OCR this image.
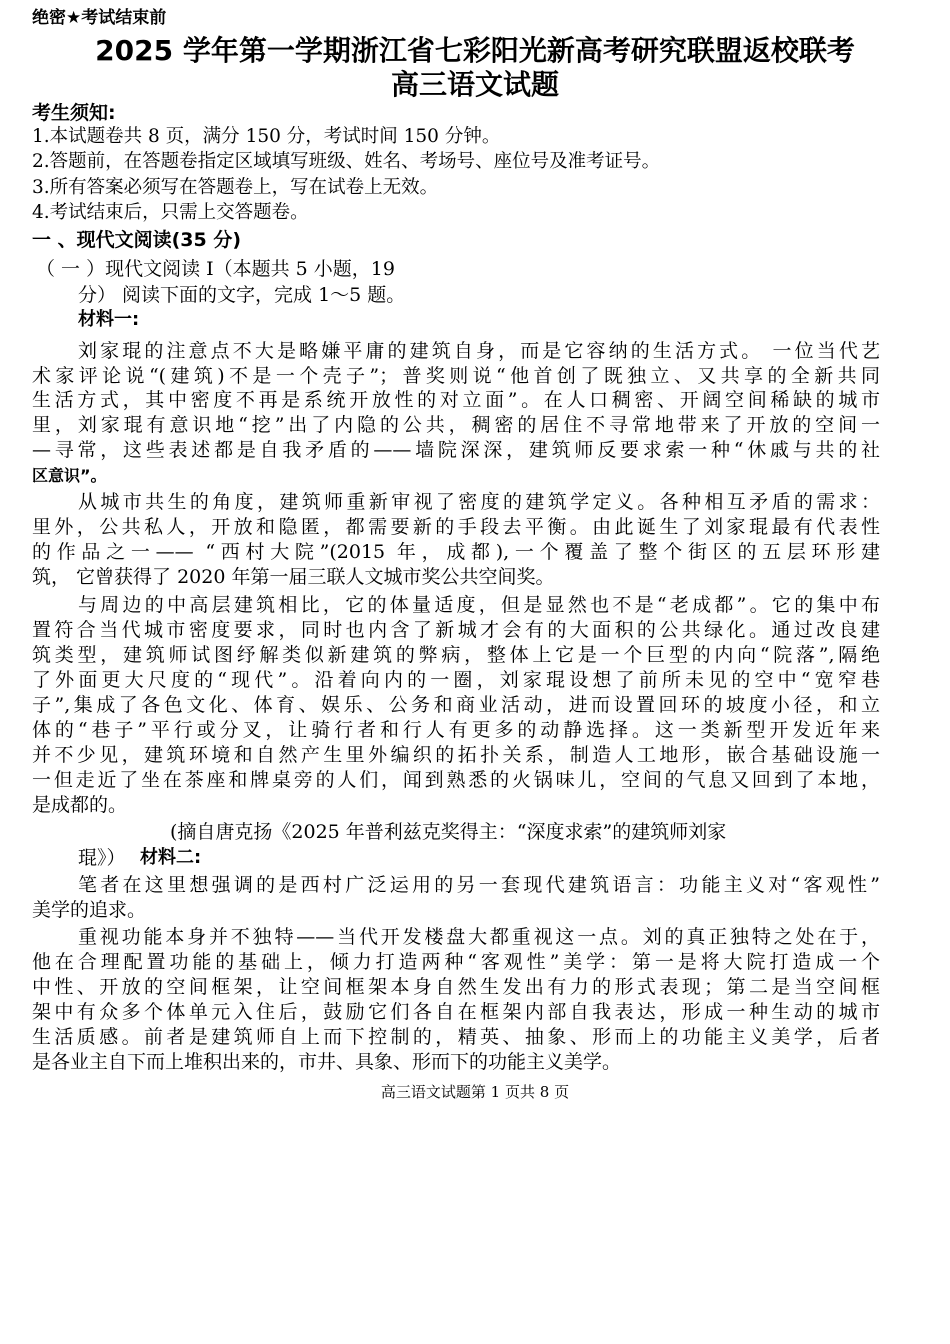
绝密★考试结束前
2025 学年第一学期浙江省七彩阳光新高考研究联盟返校联考
高三语文试题
考生须知:
1.本试题卷共 8 页，满分 150 分，考试时间 150 分钟。
2.答题前，在答题卷指定区域填写班级、姓名、考场号、座位号及准考证号。
3.所有答案必须写在答题卷上，写在试卷上无效。
4.考试结束后，只需上交答题卷。
一 、现代文阅读(35 分)
（ 一 ）现代文阅读 I（本题共 5 小题，19
分） 阅读下面的文字，完成 1～5 题。
材料一:
刘家琨的注意点不大是略嫌平庸的建筑自身，而是它容纳的生活方式。 一位当代艺
术家评论说“(建筑)不是一个壳子”；普奖则说“他首创了既独立、又共享的全新共同
生活方式，其中密度不再是系统开放性的对立面”。在人口稠密、开阔空间稀缺的城市
里，刘家琨有意识地“挖”出了内隐的公共，稠密的居住不寻常地带来了开放的空间一
—寻常，这些表述都是自我矛盾的——墙院深深，建筑师反要求索一种“休戚与共的社
区意识”。
从城市共生的角度，建筑师重新审视了密度的建筑学定义。各种相互矛盾的需求：
里外，公共私人，开放和隐匿，都需要新的手段去平衡。由此诞生了刘家琨最有代表性
的作品之一—— “西村大院”(2015 年，成都),一个覆盖了整个街区的五层环形建
筑， 它曾获得了 2020 年第一届三联人文城市奖公共空间奖。
与周边的中高层建筑相比，它的体量适度，但是显然也不是“老成都”。它的集中布
置符合当代城市密度要求，同时也内含了新城才会有的大面积的公共绿化。通过改良建
筑类型，建筑师试图纾解类似新建筑的弊病，整体上它是一个巨型的内向“院落”,隔绝
了外面更大尺度的“现代”。沿着向内的一圈，刘家琨设想了前所未见的空中“宽窄巷
子”,集成了各色文化、体育、娱乐、公务和商业活动，进而设置回环的坡度小径，和立
体的“巷子”平行或分叉，让骑行者和行人有更多的动静选择。这一类新型开发近年来
并不少见，建筑环境和自然产生里外编织的拓扑关系，制造人工地形，嵌合基础设施一
一但走近了坐在茶座和牌桌旁的人们，闻到熟悉的火锅味儿，空间的气息又回到了本地，
是成都的。
(摘自唐克扬《2025 年普利兹克奖得主：“深度求索”的建筑师刘家
琨》） 材料二:
笔者在这里想强调的是西村广泛运用的另一套现代建筑语言：功能主义对“客观性”
美学的追求。
重视功能本身并不独特——当代开发楼盘大都重视这一点。刘的真正独特之处在于，
他在合理配置功能的基础上，倾力打造两种“客观性”美学：第一是将大院打造成一个
中性、开放的空间框架，让空间框架本身自然生发出有力的形式表现；第二是当空间框
架中有众多个体单元入住后，鼓励它们各自在框架内部自我表达，形成一种生动的城市
生活质感。前者是建筑师自上而下控制的，精英、抽象、形而上的功能主义美学，后者
是各业主自下而上堆积出来的，市井、具象、形而下的功能主义美学。
高三语文试题第 1 页共 8 页
